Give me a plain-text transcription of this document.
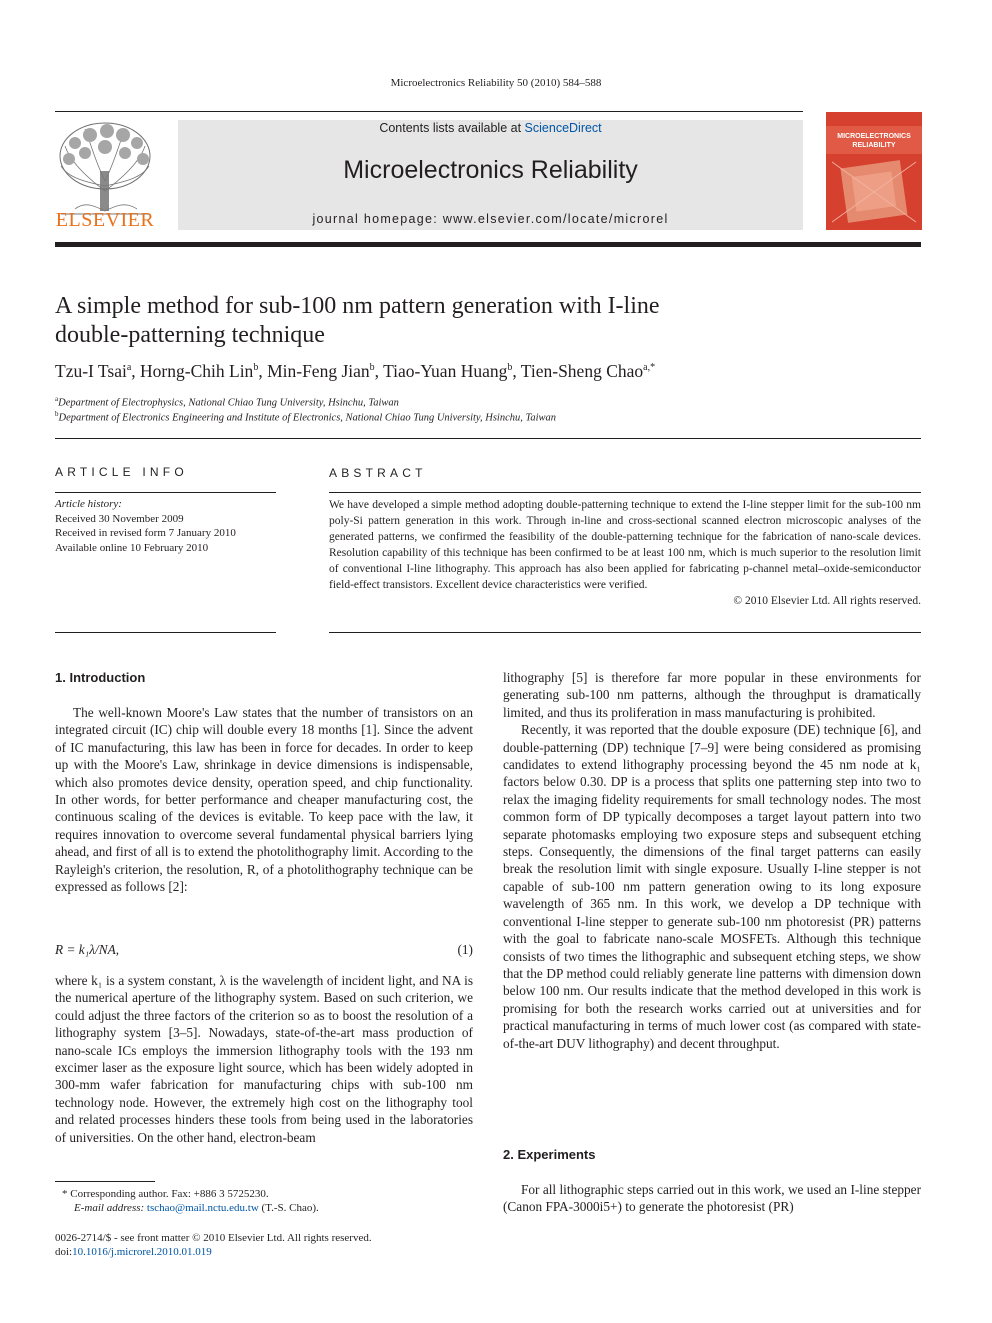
Microelectronics Reliability 50 (2010) 584–588
ELSEVIER
Contents lists available at ScienceDirect
Microelectronics Reliability
journal homepage: www.elsevier.com/locate/microrel
MICROELECTRONICS
RELIABILITY
A simple method for sub-100 nm pattern generation with I-line
double-patterning technique
Tzu-I Tsai$^a$, Horng-Chih Lin$^b$, Min-Feng Jian$^b$, Tiao-Yuan Huang$^b$, Tien-Sheng Chao$^{a,*}$
$^a$Department of Electrophysics, National Chiao Tung University, Hsinchu, Taiwan
$^b$Department of Electronics Engineering and Institute of Electronics, National Chiao Tung University, Hsinchu, Taiwan
ARTICLE INFO
Article history:
Received 30 November 2009
Received in revised form 7 January 2010
Available online 10 February 2010
ABSTRACT
We have developed a simple method adopting double-patterning technique to extend the I-line stepper limit for the sub-100 nm poly-Si pattern generation in this work. Through in-line and cross-sectional scanned electron microscopic analyses of the generated patterns, we confirmed the feasibility of the double-patterning technique for the fabrication of nano-scale devices. Resolution capability of this technique has been confirmed to be at least 100 nm, which is much superior to the resolution limit of conventional I-line lithography. This approach has also been applied for fabricating p-channel metal–oxide-semiconductor field-effect transistors. Excellent device characteristics were verified.
© 2010 Elsevier Ltd. All rights reserved.
1. Introduction

The well-known Moore's Law states that the number of transistors on an integrated circuit (IC) chip will double every 18 months [1]. Since the advent of IC manufacturing, this law has been in force for decades. In order to keep up with the Moore's Law, shrinkage in device dimensions is indispensable, which also promotes device density, operation speed, and chip functionality. In other words, for better performance and cheaper manufacturing cost, the continuous scaling of the devices is evitable. To keep pace with the law, it requires innovation to overcome several fundamental physical barriers lying ahead, and first of all is to extend the photolithography limit. According to the Rayleigh's criterion, the resolution, R, of a photolithography technique can be expressed as follows [2]:

R = k₁λ/NA,	(1)

where k₁ is a system constant, λ is the wavelength of incident light, and NA is the numerical aperture of the lithography system. Based on such criterion, we could adjust the three factors of the criterion so as to boost the resolution of a lithography system [3–5]. Nowadays, state-of-the-art mass production of nano-scale ICs employs the immersion lithography tools with the 193 nm excimer laser as the exposure light source, which has been widely adopted in 300-mm wafer fabrication for manufacturing chips with sub-100 nm technology node. However, the extremely high cost on the lithography tool and related processes hinders these tools from being used in the laboratories of universities. On the other hand, electron-beam

lithography [5] is therefore far more popular in these environments for generating sub-100 nm patterns, although the throughput is dramatically limited, and thus its proliferation in mass manufacturing is prohibited.

Recently, it was reported that the double exposure (DE) technique [6], and double-patterning (DP) technique [7–9] were being considered as promising candidates to extend lithography processing beyond the 45 nm node at k₁ factors below 0.30. DP is a process that splits one patterning step into two to relax the imaging fidelity requirements for small technology nodes. The most common form of DP typically decomposes a target layout pattern into two separate photomasks employing two exposure steps and subsequent etching steps. Consequently, the dimensions of the final target patterns can easily break the resolution limit with single exposure. Usually I-line stepper is not capable of sub-100 nm pattern generation owing to its long exposure wavelength of 365 nm. In this work, we develop a DP technique with conventional I-line stepper to generate sub-100 nm photoresist (PR) patterns with the goal to fabricate nano-scale MOSFETs. Although this technique consists of two times the lithographic and subsequent etching steps, we show that the DP method could reliably generate line patterns with dimension down below 100 nm. Our results indicate that the method developed in this work is promising for both the research works carried out at universities and for practical manufacturing in terms of much lower cost (as compared with state-of-the-art DUV lithography) and decent throughput.

2. Experiments

For all lithographic steps carried out in this work, we used an I-line stepper (Canon FPA-3000i5+) to generate the photoresist (PR)

* Corresponding author. Fax: +886 3 5725230.
E-mail address: tschao@mail.nctu.edu.tw (T.-S. Chao).
0026-2714/$ - see front matter © 2010 Elsevier Ltd. All rights reserved.
doi:10.1016/j.microrel.2010.01.019
